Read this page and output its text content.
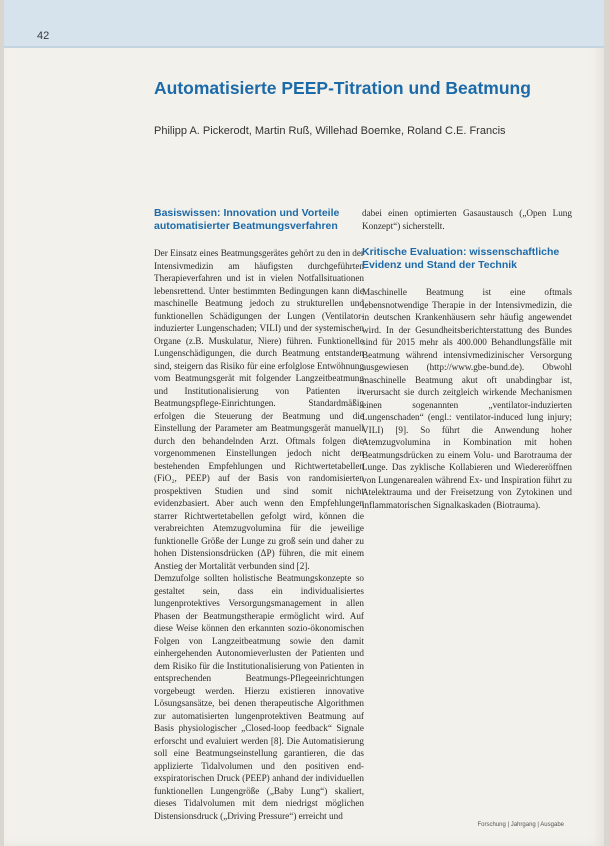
42
Automatisierte PEEP-Titration und Beatmung
Philipp A. Pickerodt, Martin Ruß, Willehad Boemke, Roland C.E. Francis
Basiswissen: Innovation und Vorteile automatisierter Beatmungsverfahren

Der Einsatz eines Beatmungsgerätes gehört zu den in der Intensivmedizin am häufigsten durchgeführten Therapieverfahren und ist in vielen Notfallsituationen lebensrettend. Unter bestimmten Bedingungen kann die maschinelle Beatmung jedoch zu strukturellen und funktionellen Schädigungen der Lungen (Ventilator-induzierter Lungenschaden; VILI) und der systemischen Organe (z.B. Muskulatur, Niere) führen. Funktionelle Lungenschädigungen, die durch Beatmung entstanden sind, steigern das Risiko für eine erfolglose Entwöhnung vom Beatmungsgerät mit folgender Langzeitbeatmung und Institutionalisierung von Patienten in Beatmungspflege-Einrichtungen. Standardmäßig erfolgen die Steuerung der Beatmung und die Einstellung der Parameter am Beatmungsgerät manuell durch den behandelnden Arzt. Oftmals folgen die vorgenommenen Einstellungen jedoch nicht den bestehenden Empfehlungen und Richtwertetabellen (FiO₂, PEEP) auf der Basis von randomisierten prospektiven Studien und sind somit nicht evidenzbasiert. Aber auch wenn den Empfehlungen starrer Richtwertetabellen gefolgt wird, können die verabreichten Atemzugvolumina für die jeweilige funktionelle Größe der Lunge zu groß sein und daher zu hohen Distensionsdrücken (ΔP) führen, die mit einem Anstieg der Mortalität verbunden sind [2].

Demzufolge sollten holistische Beatmungskonzepte so gestaltet sein, dass ein individualisiertes lungenprotektives Versorgungsmanagement in allen Phasen der Beatmungstherapie ermöglicht wird. Auf diese Weise können den erkannten sozio-ökonomischen Folgen von Langzeitbeatmung sowie den damit einhergehenden Autonomieverlusten der Patienten und dem Risiko für die Institutionalisierung von Patienten in entsprechenden Beatmungs-Pflegeeinrichtungen vorgebeugt werden. Hierzu existieren innovative Lösungsansätze, bei denen therapeutische Algorithmen zur automatisierten lungenprotektiven Beatmung auf Basis physiologischer „Closed-loop feedback“ Signale erforscht und evaluiert werden [8]. Die Automatisierung soll eine Beatmungseinstellung garantieren, die das applizierte Tidalvolumen und den positiven end-exspiratorischen Druck (PEEP) anhand der individuellen funktionellen Lungengröße („Baby Lung“) skaliert, dieses Tidalvolumen mit dem niedrigst möglichen Distensionsdruck („Driving Pressure“) erreicht und

dabei einen optimierten Gasaustausch („Open Lung Konzept“) sicherstellt.

Kritische Evaluation: wissenschaftliche Evidenz und Stand der Technik

Maschinelle Beatmung ist eine oftmals lebensnotwendige Therapie in der Intensivmedizin, die in deutschen Krankenhäusern sehr häufig angewendet wird. In der Gesundheitsberichterstattung des Bundes sind für 2015 mehr als 400.000 Behandlungsfälle mit Beatmung während intensivmedizinischer Versorgung ausgewiesen (http://www.gbe-bund.de). Obwohl maschinelle Beatmung akut oft unabdingbar ist, verursacht sie durch zeitgleich wirkende Mechanismen einen sogenannten „ventilator-induzierten Lungenschaden“ (engl.: ventilator-induced lung injury; VILI) [9]. So führt die Anwendung hoher Atemzugvolumina in Kombination mit hohen Beatmungsdrücken zu einem Volu- und Barotrauma der Lunge. Das zyklische Kollabieren und Wiedereröffnen von Lungenarealen während Ex- und Inspiration führt zu Atelektrauma und der Freisetzung von Zytokinen und inflammatorischen Signalkaskaden (Biotrauma).

Forschung | Jahrgang | Ausgabe
